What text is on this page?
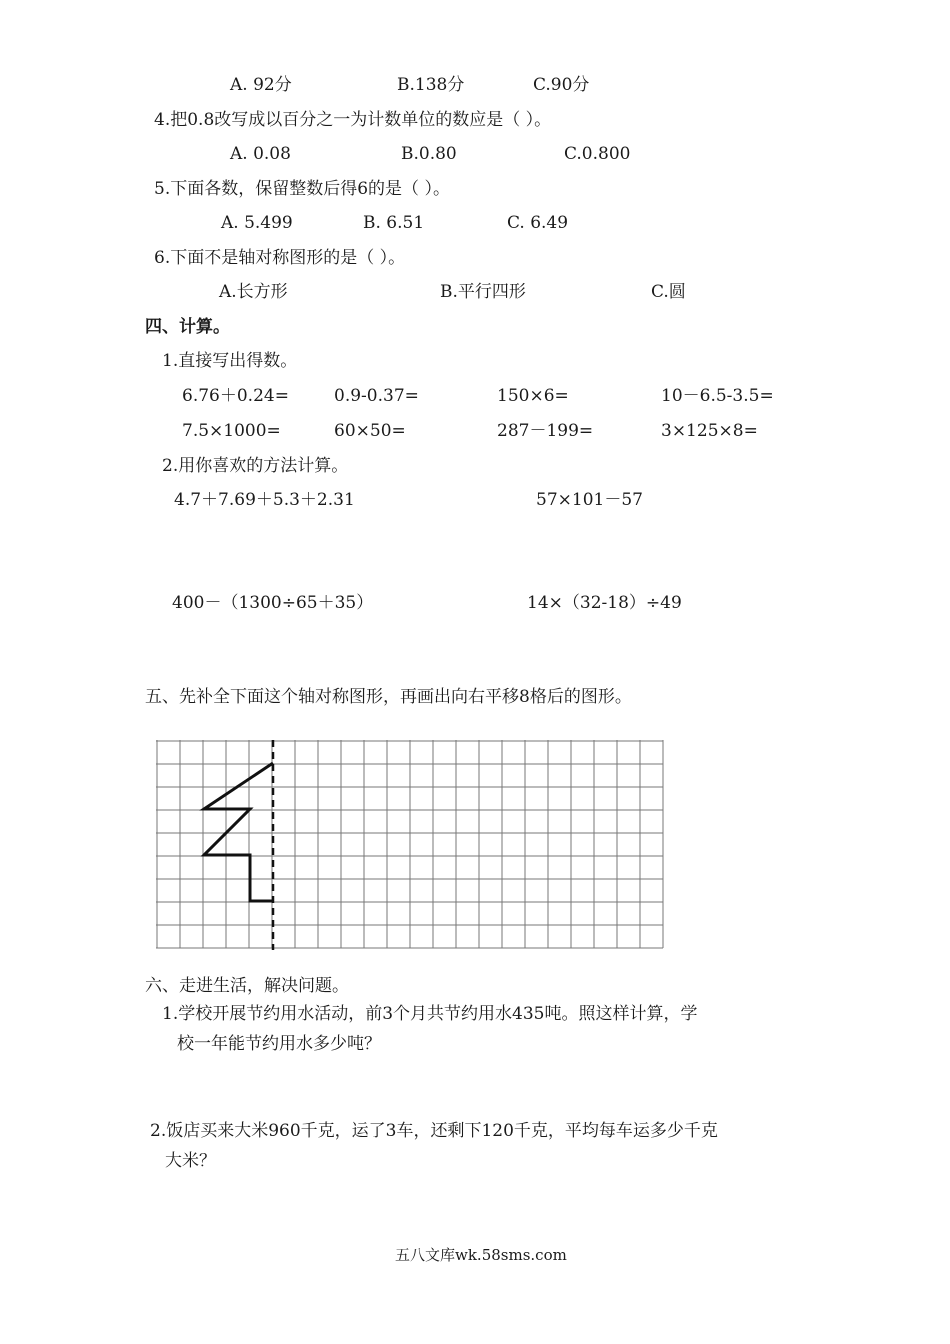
A. 92分	B.138分	C.90分
4.把0.8改写成以百分之一为计数单位的数应是（ ）。
A. 0.08	B.0.80	C.0.800
5.下面各数，保留整数后得6的是（ ）。
A. 5.499	B. 6.51	C. 6.49
6.下面不是轴对称图形的是（ ）。
A.长方形	B.平行四形	C.圆
四、计算。
1.直接写出得数。
6.76＋0.24=	0.9-0.37=	150×6=	10－6.5-3.5=
7.5×1000=	60×50=	287－199=	3×125×8=
2.用你喜欢的方法计算。
4.7＋7.69＋5.3＋2.31	57×101－57
400－（1300÷65＋35）	14×（32-18）÷49
五、先补全下面这个轴对称图形，再画出向右平移8格后的图形。
六、走进生活，解决问题。
1.学校开展节约用水活动，前3个月共节约用水435吨。照这样计算，学
校一年能节约用水多少吨？
2.饭店买来大米960千克，运了3车，还剩下120千克，平均每车运多少千克
大米？
五八文库wk.58sms.com
